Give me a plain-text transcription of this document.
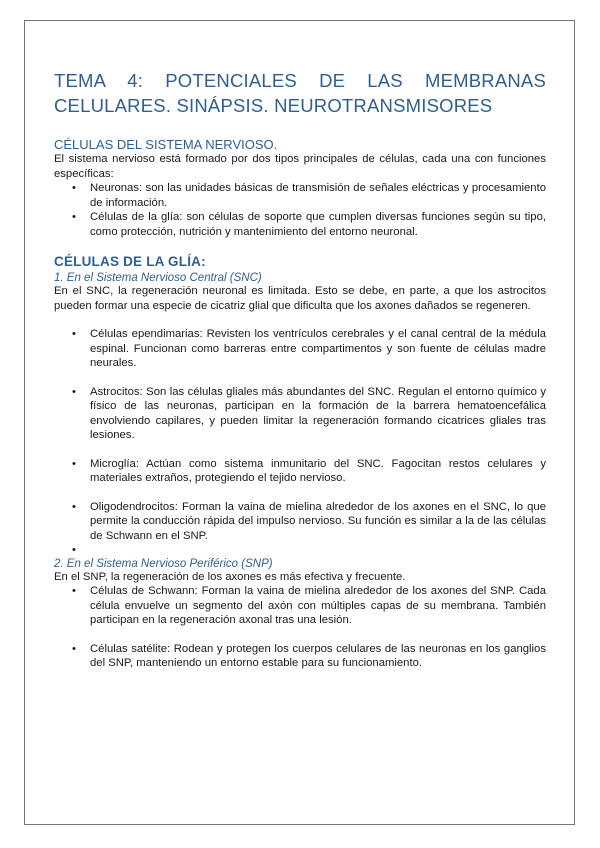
TEMA 4: POTENCIALES DE LAS MEMBRANAS CELULARES. SINÁPSIS. NEUROTRANSMISORES
CÉLULAS DEL SISTEMA NERVIOSO.

El sistema nervioso está formado por dos tipos principales de células, cada una con funciones específicas:

• Neuronas: son las unidades básicas de transmisión de señales eléctricas y procesamiento de información.
• Células de la glía: son células de soporte que cumplen diversas funciones según su tipo, como protección, nutrición y mantenimiento del entorno neuronal.
CÉLULAS DE LA GLÍA:
1. En el Sistema Nervioso Central (SNC)

En el SNC, la regeneración neuronal es limitada. Esto se debe, en parte, a que los astrocitos pueden formar una especie de cicatriz glial que dificulta que los axones dañados se regeneren.

• Células ependimarias: Revisten los ventrículos cerebrales y el canal central de la médula espinal. Funcionan como barreras entre compartimentos y son fuente de células madre neurales.
• Astrocitos: Son las células gliales más abundantes del SNC. Regulan el entorno químico y físico de las neuronas, participan en la formación de la barrera hematoencefálica envolviendo capilares, y pueden limitar la regeneración formando cicatrices gliales tras lesiones.
• Microglía: Actúan como sistema inmunitario del SNC. Fagocitan restos celulares y materiales extraños, protegiendo el tejido nervioso.
• Oligodendrocitos: Forman la vaina de mielina alrededor de los axones en el SNC, lo que permite la conducción rápida del impulso nervioso. Su función es similar a la de las células de Schwann en el SNP.
•
2. En el Sistema Nervioso Periférico (SNP)

En el SNP, la regeneración de los axones es más efectiva y frecuente.

• Células de Schwann: Forman la vaina de mielina alrededor de los axones del SNP. Cada célula envuelve un segmento del axón con múltiples capas de su membrana. También participan en la regeneración axonal tras una lesión.
• Células satélite: Rodean y protegen los cuerpos celulares de las neuronas en los ganglios del SNP, manteniendo un entorno estable para su funcionamiento.
